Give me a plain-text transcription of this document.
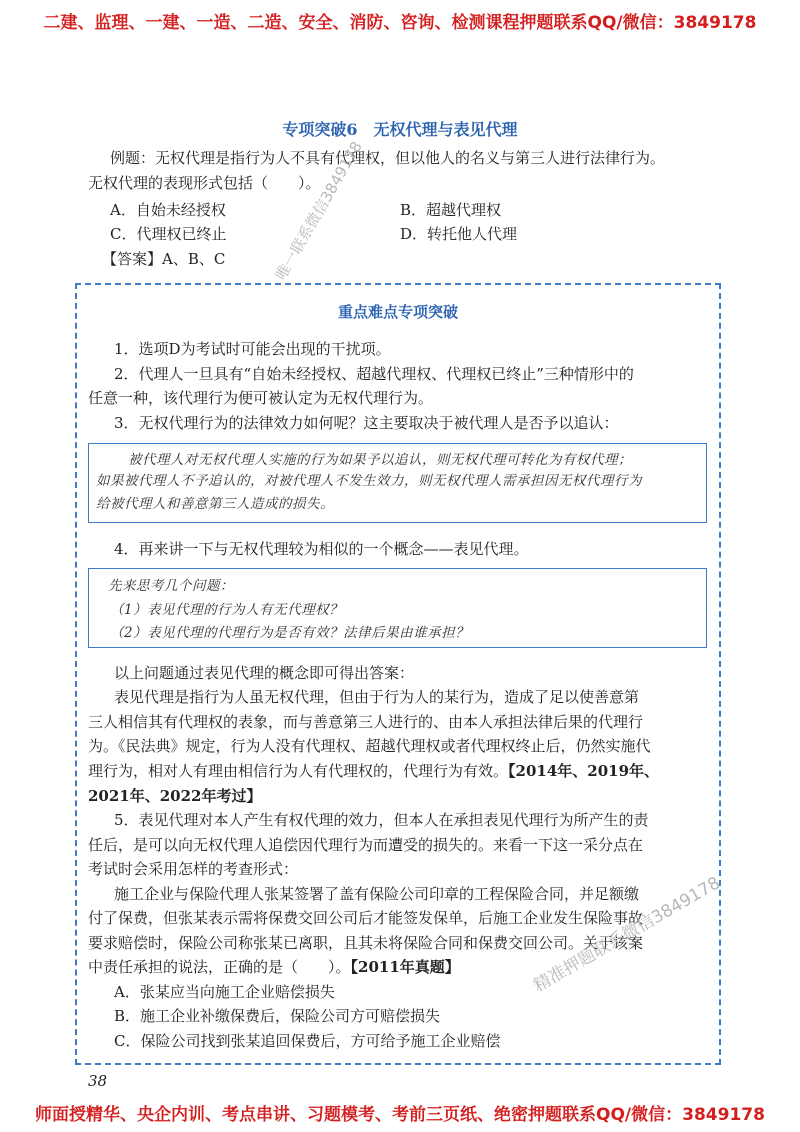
二建、监理、一建、一造、二造、安全、消防、咨询、检测课程押题联系QQ/微信：3849178
专项突破6　无权代理与表见代理
例题：无权代理是指行为人不具有代理权，但以他人的名义与第三人进行法律行为。
无权代理的表现形式包括（　　）。
A．自始未经授权	B．超越代理权
C．代理权已终止	D．转托他人代理
【答案】A、B、C
重点难点专项突破
1．选项D为考试时可能会出现的干扰项。
2．代理人一旦具有“自始未经授权、超越代理权、代理权已终止”三种情形中的
任意一种，该代理行为便可被认定为无权代理行为。
3．无权代理行为的法律效力如何呢？这主要取决于被代理人是否予以追认：
被代理人对无权代理人实施的行为如果予以追认，则无权代理可转化为有权代理；
如果被代理人不予追认的，对被代理人不发生效力，则无权代理人需承担因无权代理行为
给被代理人和善意第三人造成的损失。
4．再来讲一下与无权代理较为相似的一个概念——表见代理。
先来思考几个问题：
（1）表见代理的行为人有无代理权？
（2）表见代理的代理行为是否有效？法律后果由谁承担？
以上问题通过表见代理的概念即可得出答案：
表见代理是指行为人虽无权代理，但由于行为人的某行为，造成了足以使善意第
三人相信其有代理权的表象，而与善意第三人进行的、由本人承担法律后果的代理行
为。《民法典》规定，行为人没有代理权、超越代理权或者代理权终止后，仍然实施代
理行为，相对人有理由相信行为人有代理权的，代理行为有效。【2014年、2019年、
2021年、2022年考过】
5．表见代理对本人产生有权代理的效力，但本人在承担表见代理行为所产生的责
任后，是可以向无权代理人追偿因代理行为而遭受的损失的。来看一下这一采分点在
考试时会采用怎样的考查形式：
施工企业与保险代理人张某签署了盖有保险公司印章的工程保险合同，并足额缴
付了保费，但张某表示需将保费交回公司后才能签发保单，后施工企业发生保险事故
要求赔偿时，保险公司称张某已离职，且其未将保险合同和保费交回公司。关于该案
中责任承担的说法，正确的是（　　）。【2011年真题】
A．张某应当向施工企业赔偿损失
B．施工企业补缴保费后，保险公司方可赔偿损失
C．保险公司找到张某追回保费后，方可给予施工企业赔偿
38
唯一联系微信3849178
精准押题联系微信3849178
师面授精华、央企内训、考点串讲、习题模考、考前三页纸、绝密押题联系QQ/微信：3849178
